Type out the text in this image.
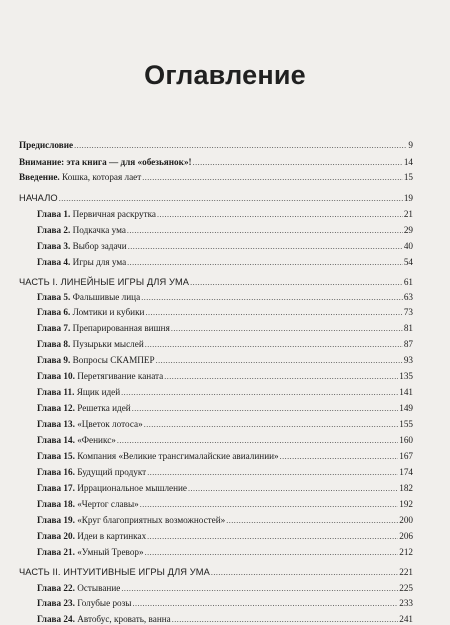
Оглавление
Предисловие .....	9
Внимание: эта книга — для «обезьянок»! .....	14
Введение. Кошка, которая лает .....	15
НАЧАЛО .....	19
Глава 1. Первичная раскрутка .....	21
Глава 2. Подкачка ума .....	29
Глава 3. Выбор задачи .....	40
Глава 4. Игры для ума .....	54
ЧАСТЬ I. ЛИНЕЙНЫЕ ИГРЫ ДЛЯ УМА .....	61
Глава 5. Фальшивые лица .....	63
Глава 6. Ломтики и кубики .....	73
Глава 7. Препарированная вишня .....	81
Глава 8. Пузырьки мыслей .....	87
Глава 9. Вопросы СКАМПЕР .....	93
Глава 10. Перетягивание каната .....	135
Глава 11. Ящик идей .....	141
Глава 12. Решетка идей .....	149
Глава 13. «Цветок лотоса» .....	155
Глава 14. «Феникс» .....	160
Глава 15. Компания «Великие трансгималайские авиалинии» .....	167
Глава 16. Будущий продукт .....	174
Глава 17. Иррациональное мышление .....	182
Глава 18. «Чертог славы» .....	192
Глава 19. «Круг благоприятных возможностей» .....	200
Глава 20. Идеи в картинках .....	206
Глава 21. «Умный Тревор» .....	212
ЧАСТЬ II. ИНТУИТИВНЫЕ ИГРЫ ДЛЯ УМА .....	221
Глава 22. Остывание .....	225
Глава 23. Голубые розы .....	233
Глава 24. Автобус, кровать, ванна .....	241
